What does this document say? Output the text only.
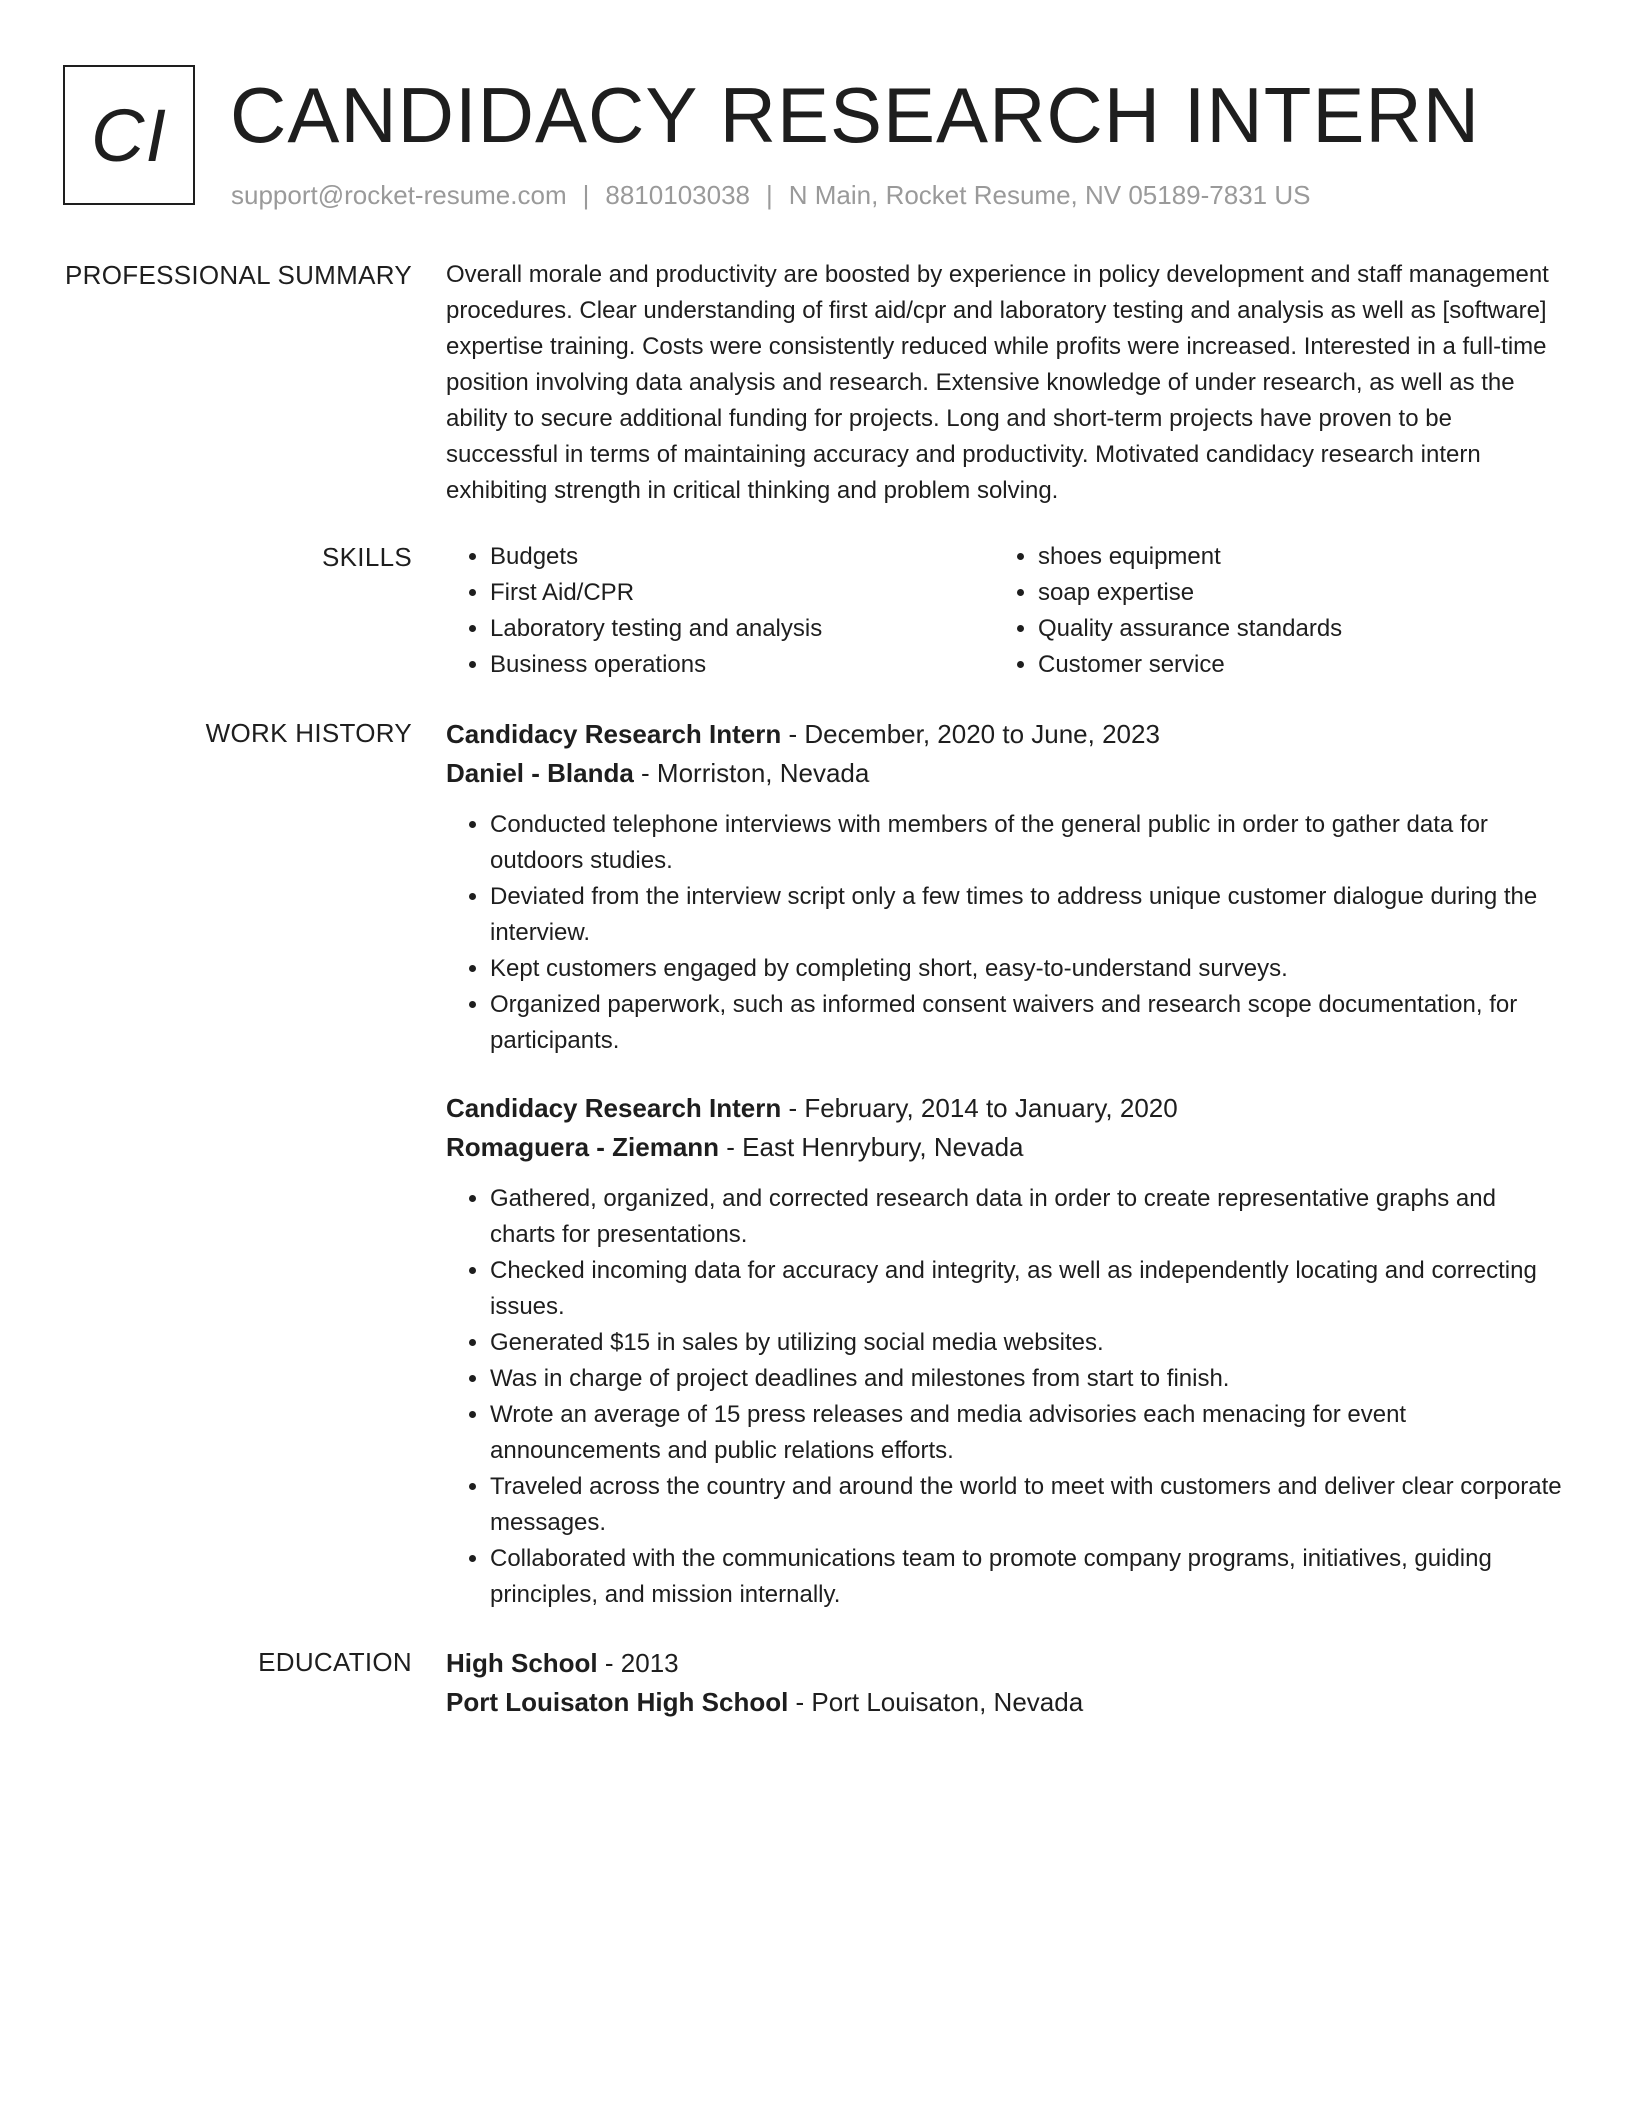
CI CANDIDACY RESEARCH INTERN
support@rocket-resume.com | 8810103038 | N Main, Rocket Resume, NV 05189-7831 US
PROFESSIONAL SUMMARY Overall morale and productivity are boosted by experience in policy development and staff management procedures. Clear understanding of first aid/cpr and laboratory testing and analysis as well as [software] expertise training. Costs were consistently reduced while profits were increased. Interested in a full-time position involving data analysis and research. Extensive knowledge of under research, as well as the ability to secure additional funding for projects. Long and short-term projects have proven to be successful in terms of maintaining accuracy and productivity. Motivated candidacy research intern exhibiting strength in critical thinking and problem solving.

SKILLS
•	Budgets
• First Aid/CPR
• Laboratory testing and analysis
• Business operations
• shoes equipment
• soap expertise
• Quality assurance standards
• Customer service
WORK HISTORY Candidacy Research Intern - December, 2020 to June, 2023
Daniel - Blanda - Morriston, Nevada
• Conducted telephone interviews with members of the general public in order to gather data for outdoors studies.
• Deviated from the interview script only a few times to address unique customer dialogue during the interview.
• Kept customers engaged by completing short, easy-to-understand surveys.
• Organized paperwork, such as informed consent waivers and research scope documentation, for participants.
Candidacy Research Intern - February, 2014 to January, 2020
Romaguera - Ziemann - East Henrybury, Nevada
• Gathered, organized, and corrected research data in order to create representative graphs and charts for presentations.
• Checked incoming data for accuracy and integrity, as well as independently locating and correcting issues.
• Generated $15 in sales by utilizing social media websites.
• Was in charge of project deadlines and milestones from start to finish.
• Wrote an average of 15 press releases and media advisories each menacing for event announcements and public relations efforts.
• Traveled across the country and around the world to meet with customers and deliver clear corporate messages.
• Collaborated with the communications team to promote company programs, initiatives, guiding principles, and mission internally.
EDUCATION High School - 2013
Port Louisaton High School - Port Louisaton, Nevada
